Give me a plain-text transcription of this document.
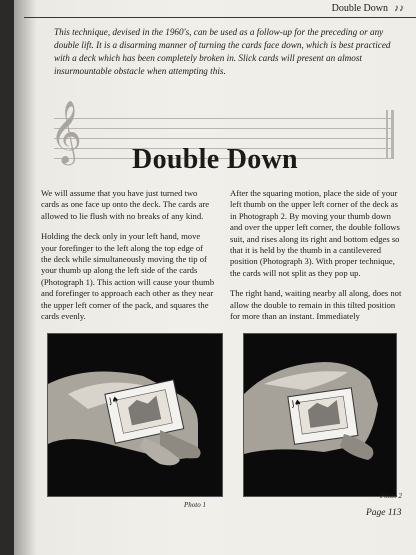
Double Down ♪♪
This technique, devised in the 1960's, can be used as a follow-up for the preceding or any double lift. It is a disarming manner of turning the cards face down, which is best practiced with a deck which has been completely broken in. Slick cards will present an almost insurmountable obstacle when attempting this.
𝄞	Double Down

We will assume that you have just turned two cards as one face up onto the deck. The cards are allowed to lie flush with no breaks of any kind.

Holding the deck only in your left hand, move your forefinger to the left along the top edge of the deck while simultaneously moving the tip of your thumb up along the left side of the cards (Photograph 1). This action will cause your thumb and forefinger to approach each other as they near the upper left corner of the pack, and squares the cards evenly.

After the squaring motion, place the side of your left thumb on the upper left corner of the deck as in Photograph 2. By moving your thumb down and over the upper left corner, the double follows suit, and rises along its right and bottom edges so that it is held by the thumb in a cantilevered position (Photograph 3). With proper technique, the cards will not split as they pop up.

The right hand, waiting nearby all along, does not allow the double to remain in this tilted position for more than an instant. Immediately

J♠
Photo 1
J♠
Photo 2
Page 113
